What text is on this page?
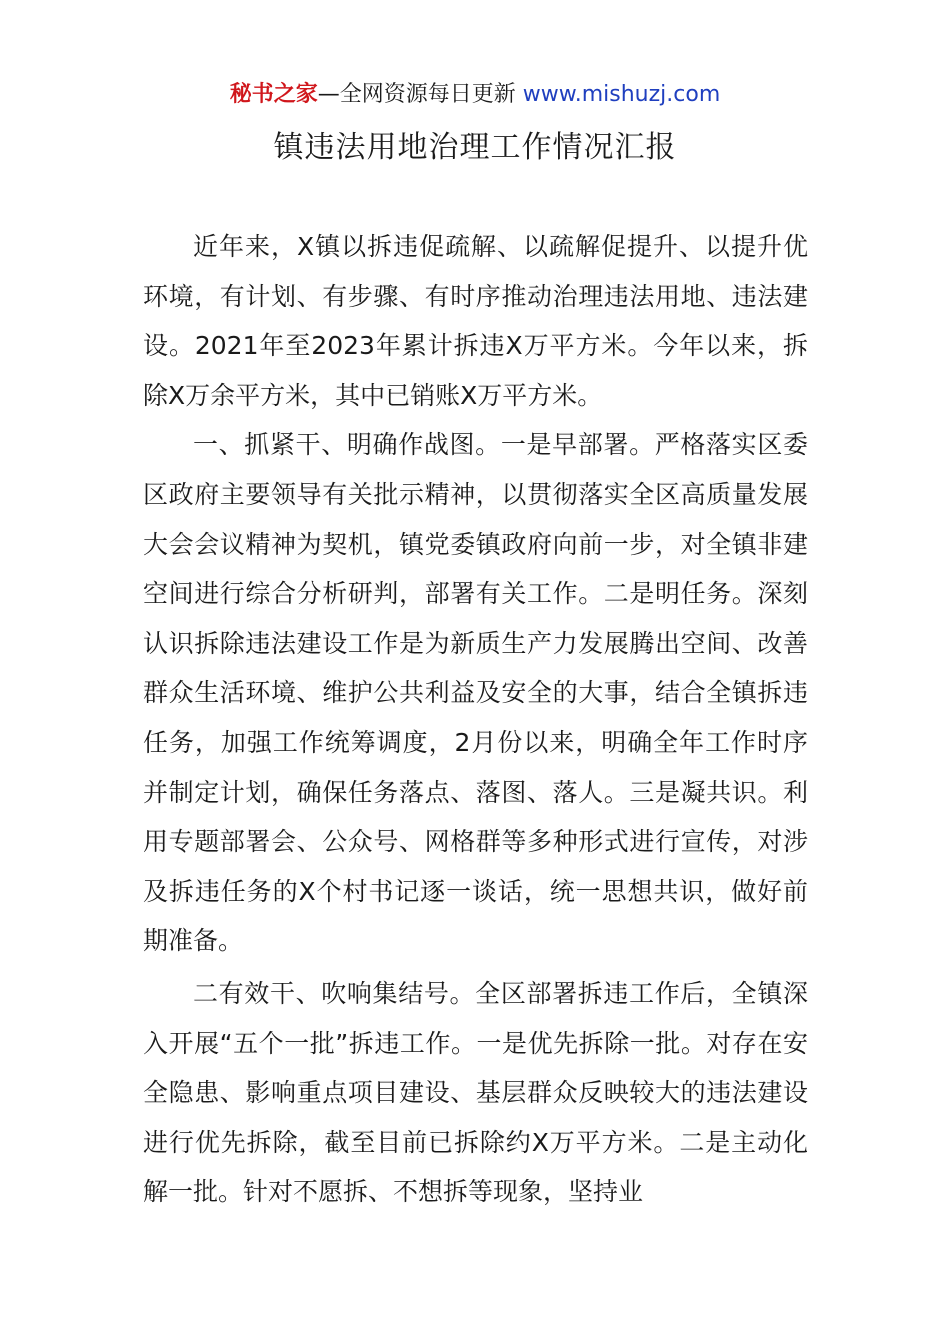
秘书之家—全网资源每日更新 www.mishuzj.com
镇违法用地治理工作情况汇报

近年来，X镇以拆违促疏解、以疏解促提升、以提升优环境，有计划、有步骤、有时序推动治理违法用地、违法建设。2021年至2023年累计拆违X万平方米。今年以来，拆除X万余平方米，其中已销账X万平方米。

一、抓紧干、明确作战图。一是早部署。严格落实区委区政府主要领导有关批示精神，以贯彻落实全区高质量发展大会会议精神为契机，镇党委镇政府向前一步，对全镇非建空间进行综合分析研判，部署有关工作。二是明任务。深刻认识拆除违法建设工作是为新质生产力发展腾出空间、改善群众生活环境、维护公共利益及安全的大事，结合全镇拆违任务，加强工作统筹调度，2月份以来，明确全年工作时序并制定计划，确保任务落点、落图、落人。三是凝共识。利用专题部署会、公众号、网格群等多种形式进行宣传，对涉及拆违任务的X个村书记逐一谈话，统一思想共识，做好前期准备。

二有效干、吹响集结号。全区部署拆违工作后，全镇深入开展“五个一批”拆违工作。一是优先拆除一批。对存在安全隐患、影响重点项目建设、基层群众反映较大的违法建设进行优先拆除，截至目前已拆除约X万平方米。二是主动化解一批。针对不愿拆、不想拆等现象，坚持业
